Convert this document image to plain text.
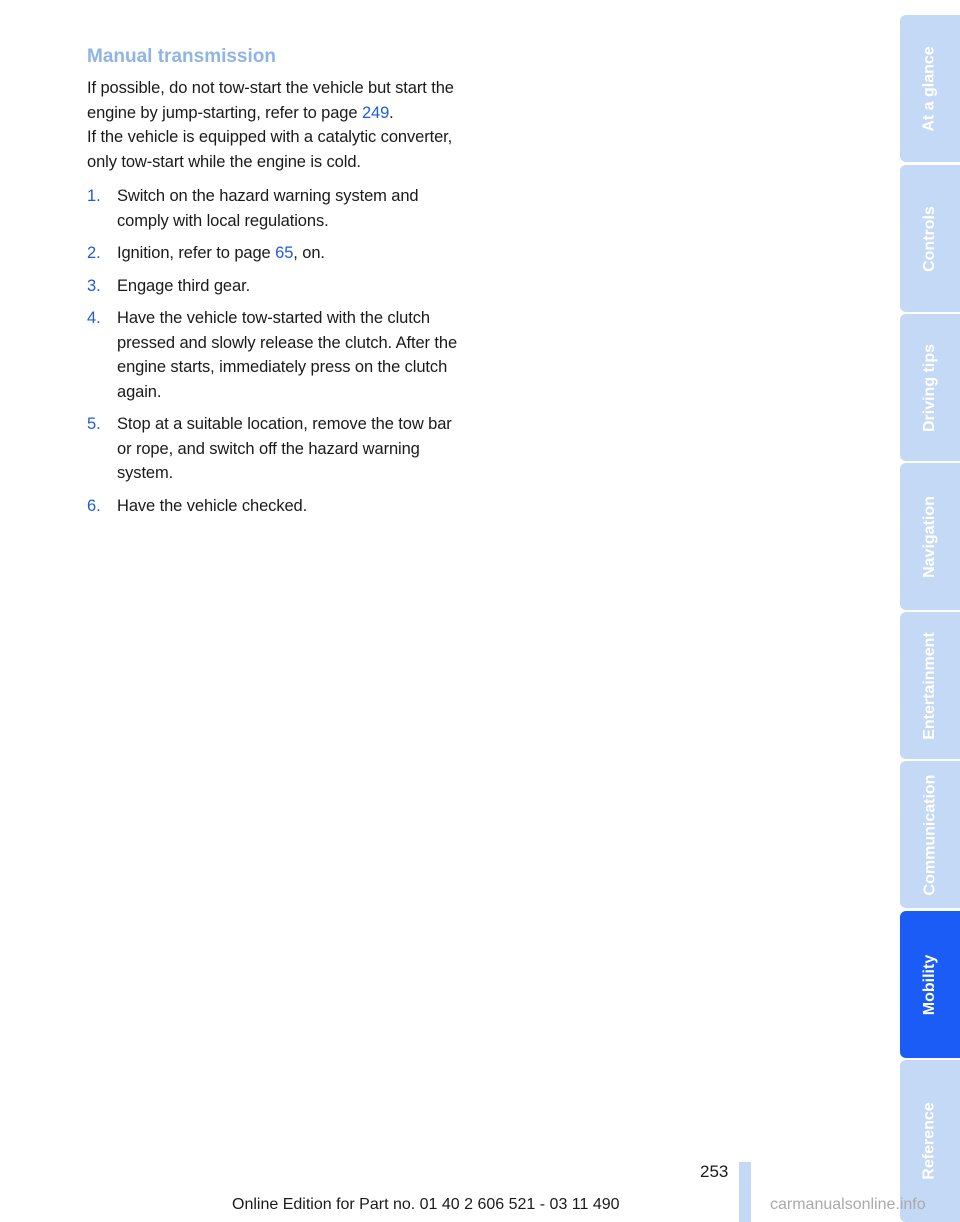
Manual transmission

If possible, do not tow-start the vehicle but start the engine by jump-starting, refer to page 249.

If the vehicle is equipped with a catalytic converter, only tow-start while the engine is cold.

1. Switch on the hazard warning system and comply with local regulations.
2. Ignition, refer to page 65, on.
3. Engage third gear.
4. Have the vehicle tow-started with the clutch pressed and slowly release the clutch. After the engine starts, immediately press on the clutch again.
5. Stop at a suitable location, remove the tow bar or rope, and switch off the hazard warning system.
6. Have the vehicle checked.
At a glance
Controls
Driving tips
Navigation
Entertainment
Communication
Mobility
Reference
253
Online Edition for Part no. 01 40 2 606 521 - 03 11 490	carmanualsonline.info
